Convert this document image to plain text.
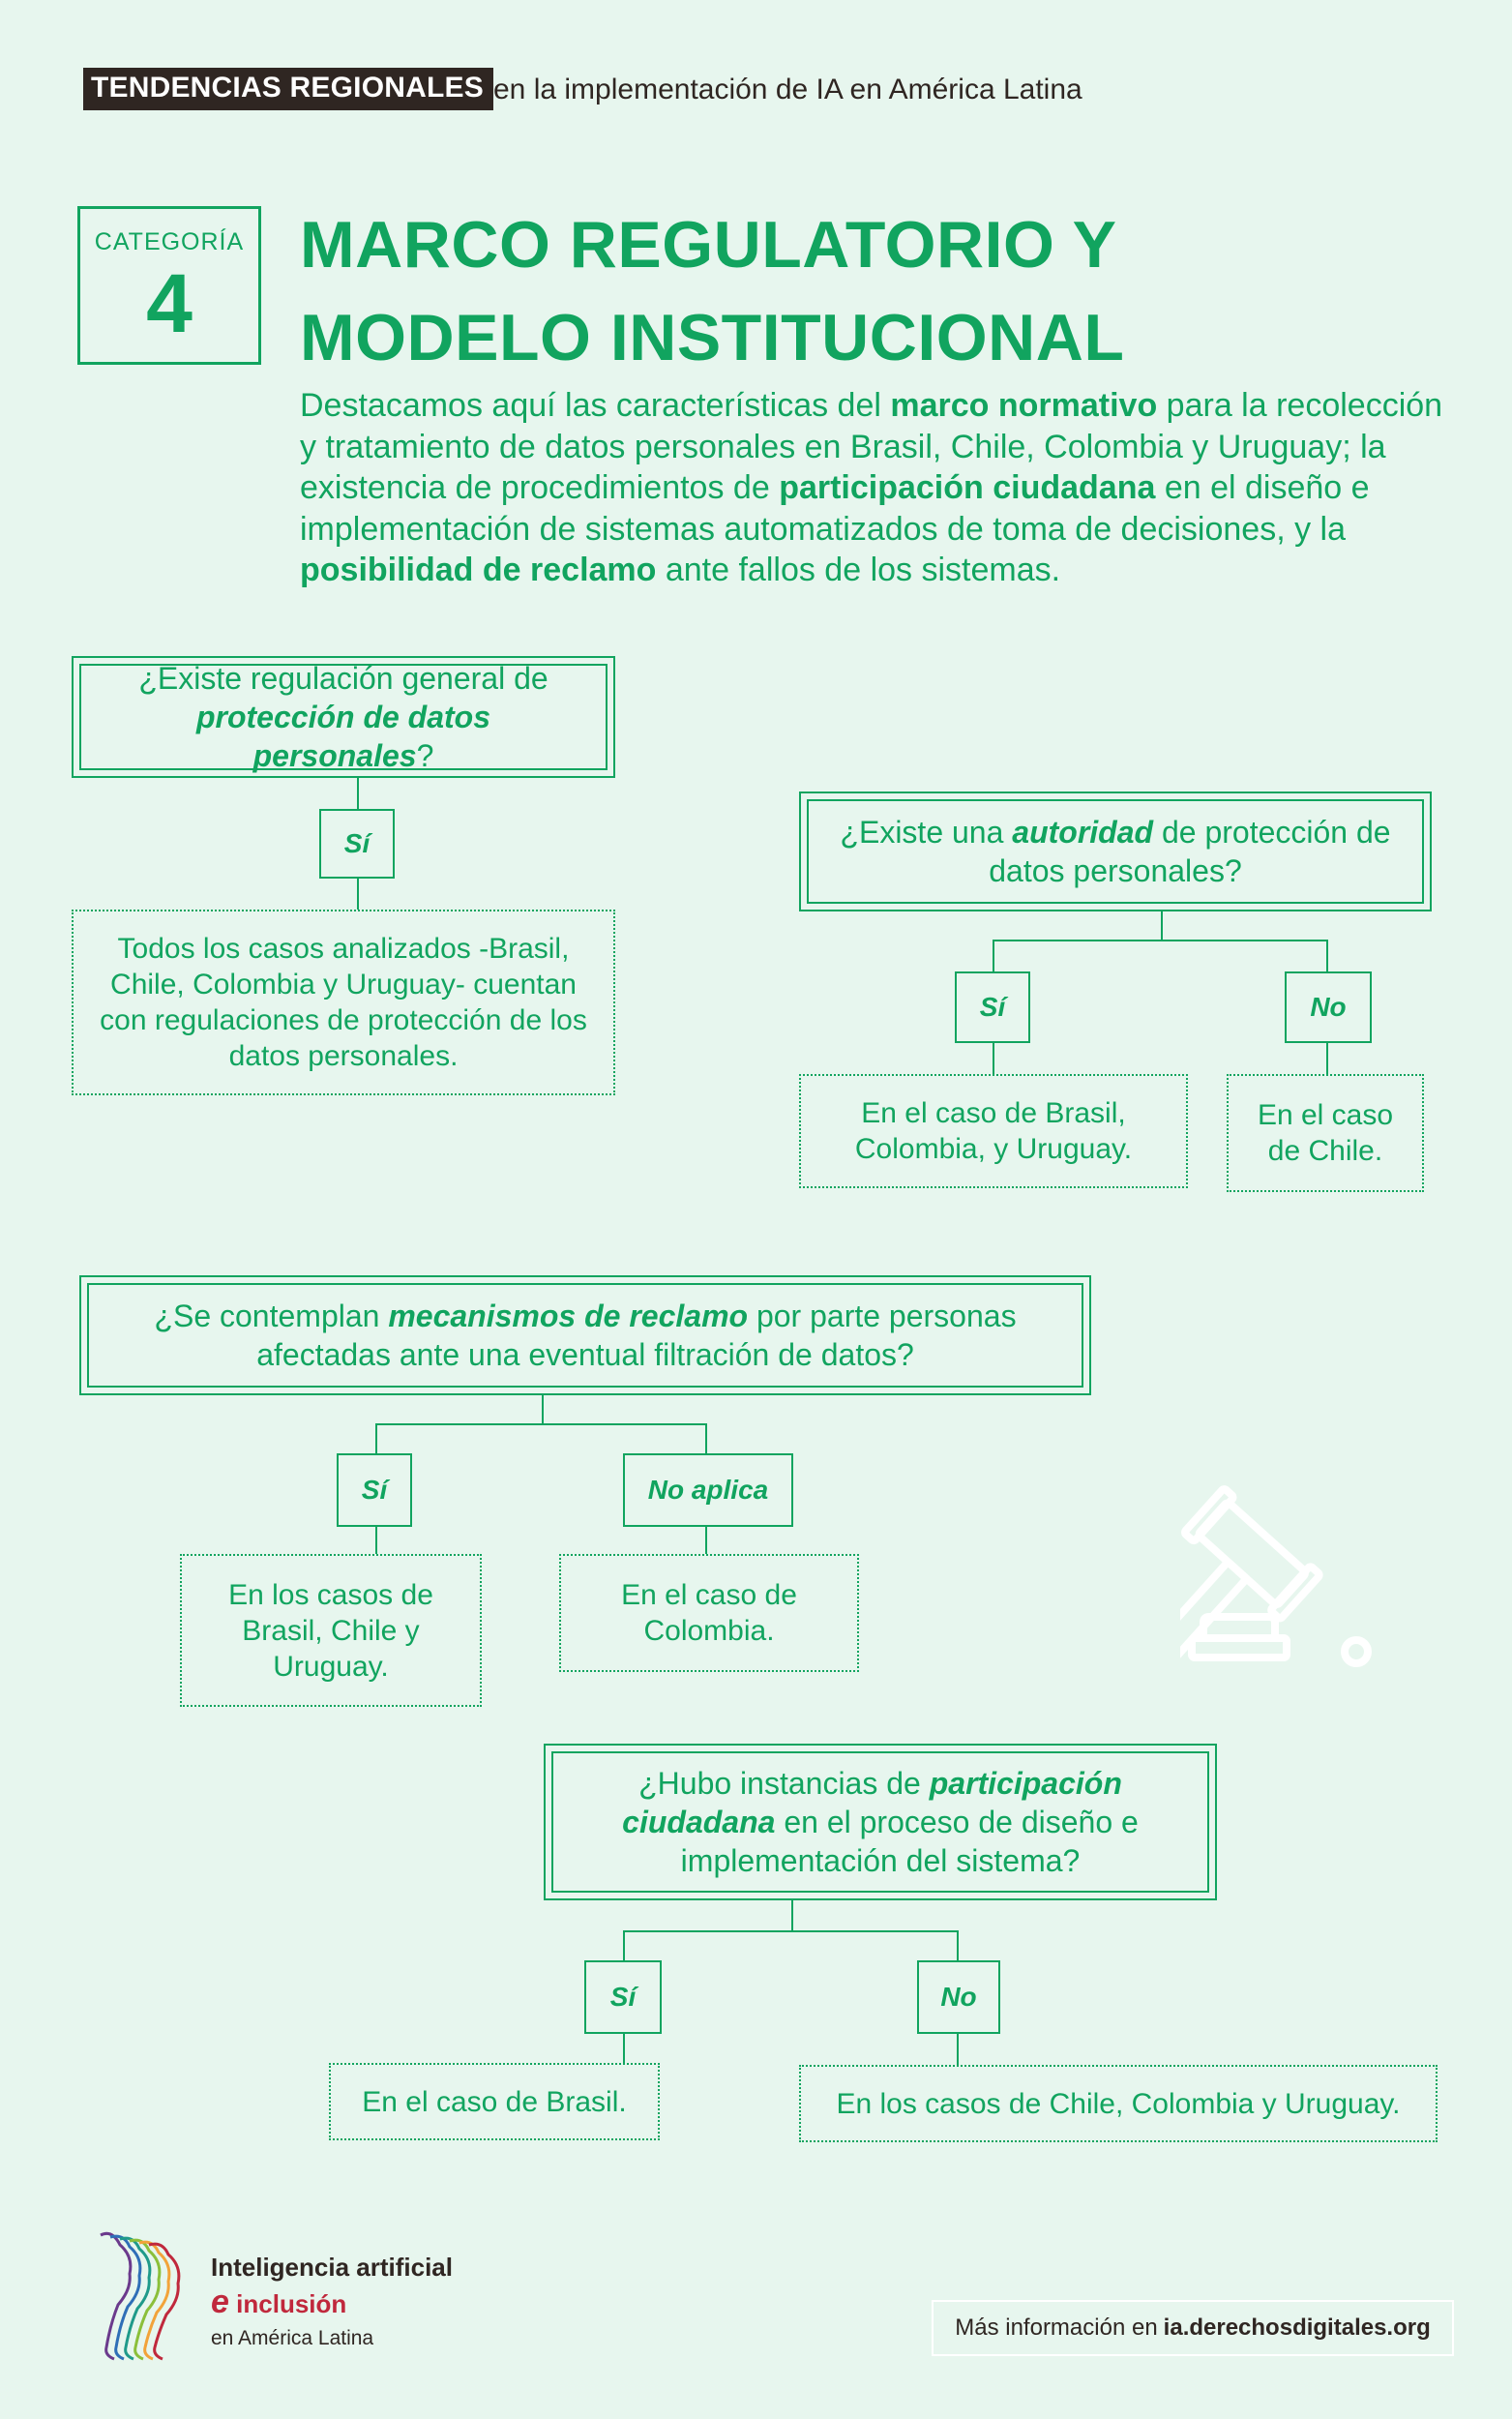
TENDENCIAS REGIONALES en la implementación de IA en América Latina
CATEGORÍA
4
MARCO REGULATORIO Y
MODELO INSTITUCIONAL
Destacamos aquí las características del marco normativo para la recolección y tratamiento de datos personales en Brasil, Chile, Colombia y Uruguay; la existencia de procedimientos de participación ciudadana en el diseño e implementación de sistemas automatizados de toma de decisiones, y la posibilidad de reclamo ante fallos de los sistemas.
¿Existe regulación general de protección de datos personales?
Sí
Todos los casos analizados -Brasil, Chile, Colombia y Uruguay- cuentan con regulaciones de protección de los datos personales.
¿Existe una autoridad de protección de datos personales?
Sí	No
En el caso de Brasil, Colombia, y Uruguay.
En el caso de Chile.
¿Se contemplan mecanismos de reclamo por parte personas afectadas ante una eventual filtración de datos?
Sí	No aplica
En los casos de Brasil, Chile y Uruguay.
En el caso de Colombia.
¿Hubo instancias de participación ciudadana en el proceso de diseño e implementación del sistema?
Sí	No
En el caso de Brasil.	En los casos de Chile, Colombia y Uruguay.
Inteligencia artificial
e inclusión
en América Latina	Más información en ia.derechosdigitales.org
